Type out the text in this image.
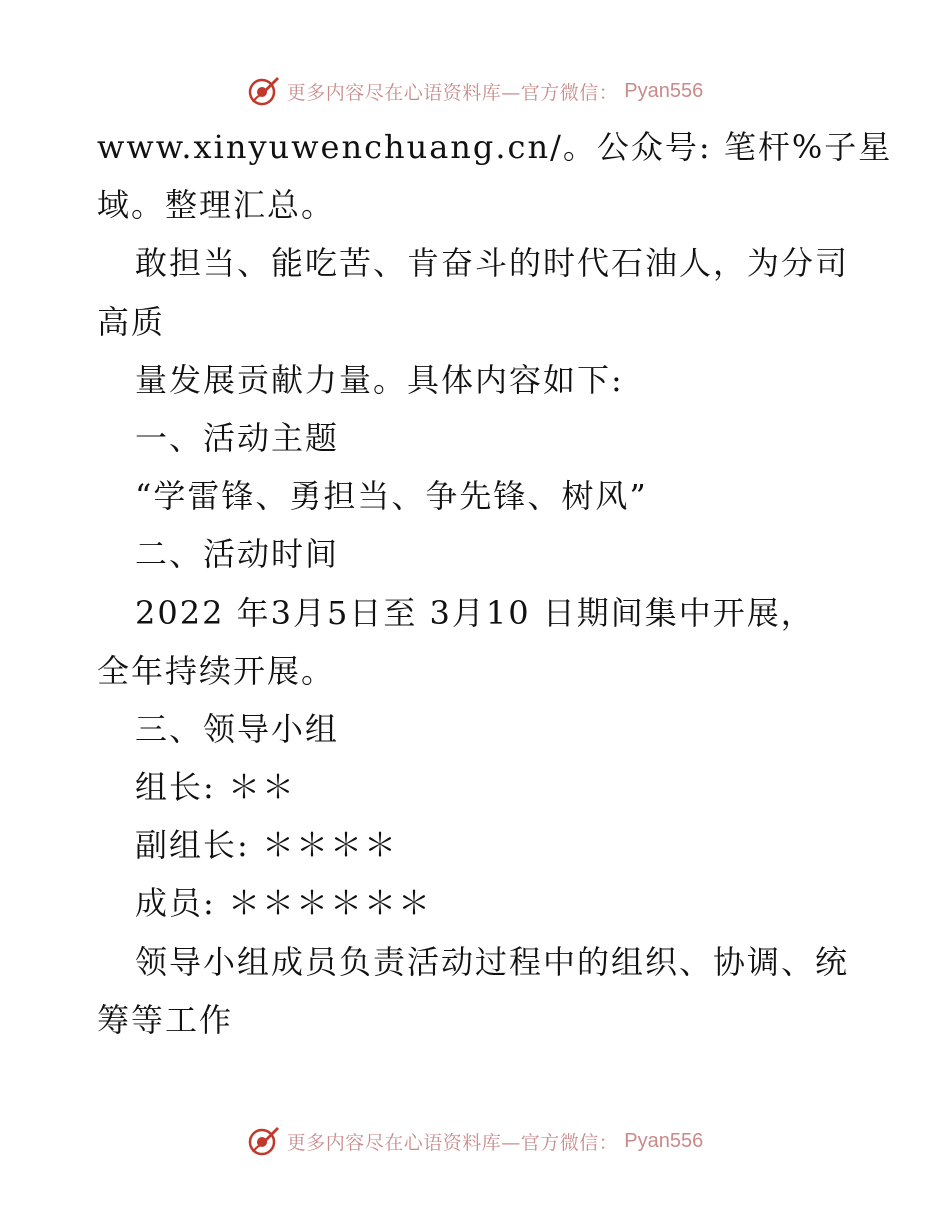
更多内容尽在心语资料库—官方微信： Pyan556
www.xinyuwenchuang.cn/。公众号: 笔杆%子星
域。整理汇总。
敢担当、能吃苦、肯奋斗的时代石油人，为分司
高质
量发展贡献力量。具体内容如下:
一、活动主题
“学雷锋、勇担当、争先锋、树风”
二、活动时间
2022 年3月5日至 3月10 日期间集中开展，
全年持续开展。
三、领导小组
组长: ＊＊
副组长: ＊＊＊＊
成员: ＊＊＊＊＊＊
领导小组成员负责活动过程中的组织、协调、统
筹等工作
更多内容尽在心语资料库—官方微信： Pyan556
